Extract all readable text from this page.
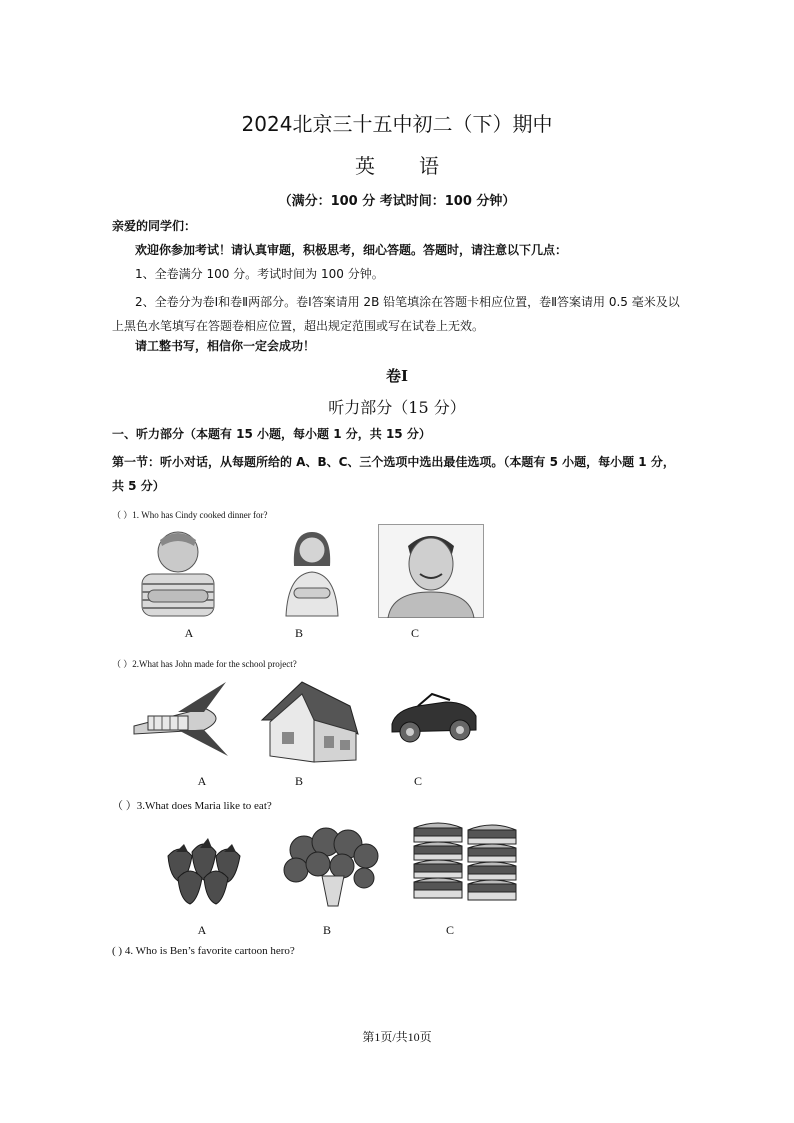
2024北京三十五中初二（下）期中
英语
（满分：100 分 考试时间：100 分钟）
亲爱的同学们：
欢迎你参加考试！请认真审题，积极思考，细心答题。答题时，请注意以下几点：
1、全卷满分 100 分。考试时间为 100 分钟。
2、全卷分为卷Ⅰ和卷Ⅱ两部分。卷Ⅰ答案请用 2B 铅笔填涂在答题卡相应位置，卷Ⅱ答案请用 0.5 毫米及以上黑色水笔填写在答题卷相应位置，超出规定范围或写在试卷上无效。
请工整书写，相信你一定会成功！
卷I
听力部分（15 分）
一、听力部分（本题有 15 小题，每小题 1 分，共 15 分）
第一节：听小对话，从每题所给的 A、B、C、三个选项中选出最佳选项。（本题有 5 小题，每小题 1 分，共 5 分）
（ ）1. Who has Cindy cooked dinner for?
A	B	C
（ ）2.What has John made for the school project?
A	B	C
（ ）3.What does Maria like to eat?
A	B	C
( ) 4. Who is Ben’s favorite cartoon hero?
第1页/共10页
